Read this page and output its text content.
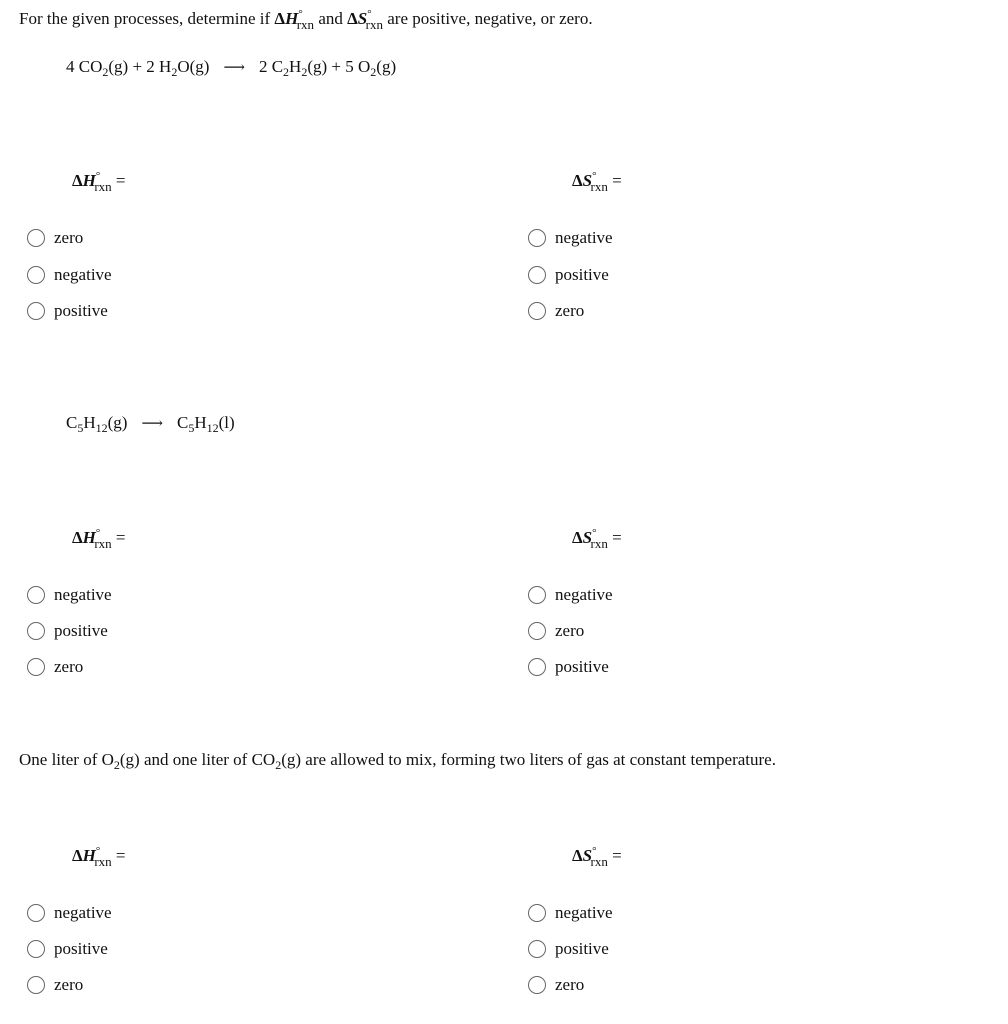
For the given processes, determine if $\Delta H^\circ_{rxn}$ and $\Delta S^\circ_{rxn}$ are positive, negative, or zero.
4 $CO_2(g) + 2$ $H_2O(g)$ ⟶ 2 $C_2H_2(g) + 5$ $O_2(g)$
$C_5H_{12}(g)$ ⟶ $C_5H_{12}(l)$
One liter of $O_2(g)$ and one liter of $CO_2(g)$ are allowed to mix, forming two liters of gas at constant temperature.
$\Delta H^\circ_{rxn}$ =	$\Delta S^\circ_{rxn}$ =
zero
negative
positive
negative
positive
zero
$\Delta H^\circ_{rxn}$ =	$\Delta S^\circ_{rxn}$ =
negative
positive
zero
negative
zero
positive
$\Delta H^\circ_{rxn}$ =	$\Delta S^\circ_{rxn}$ =
negative
positive
zero
negative
positive
zero
